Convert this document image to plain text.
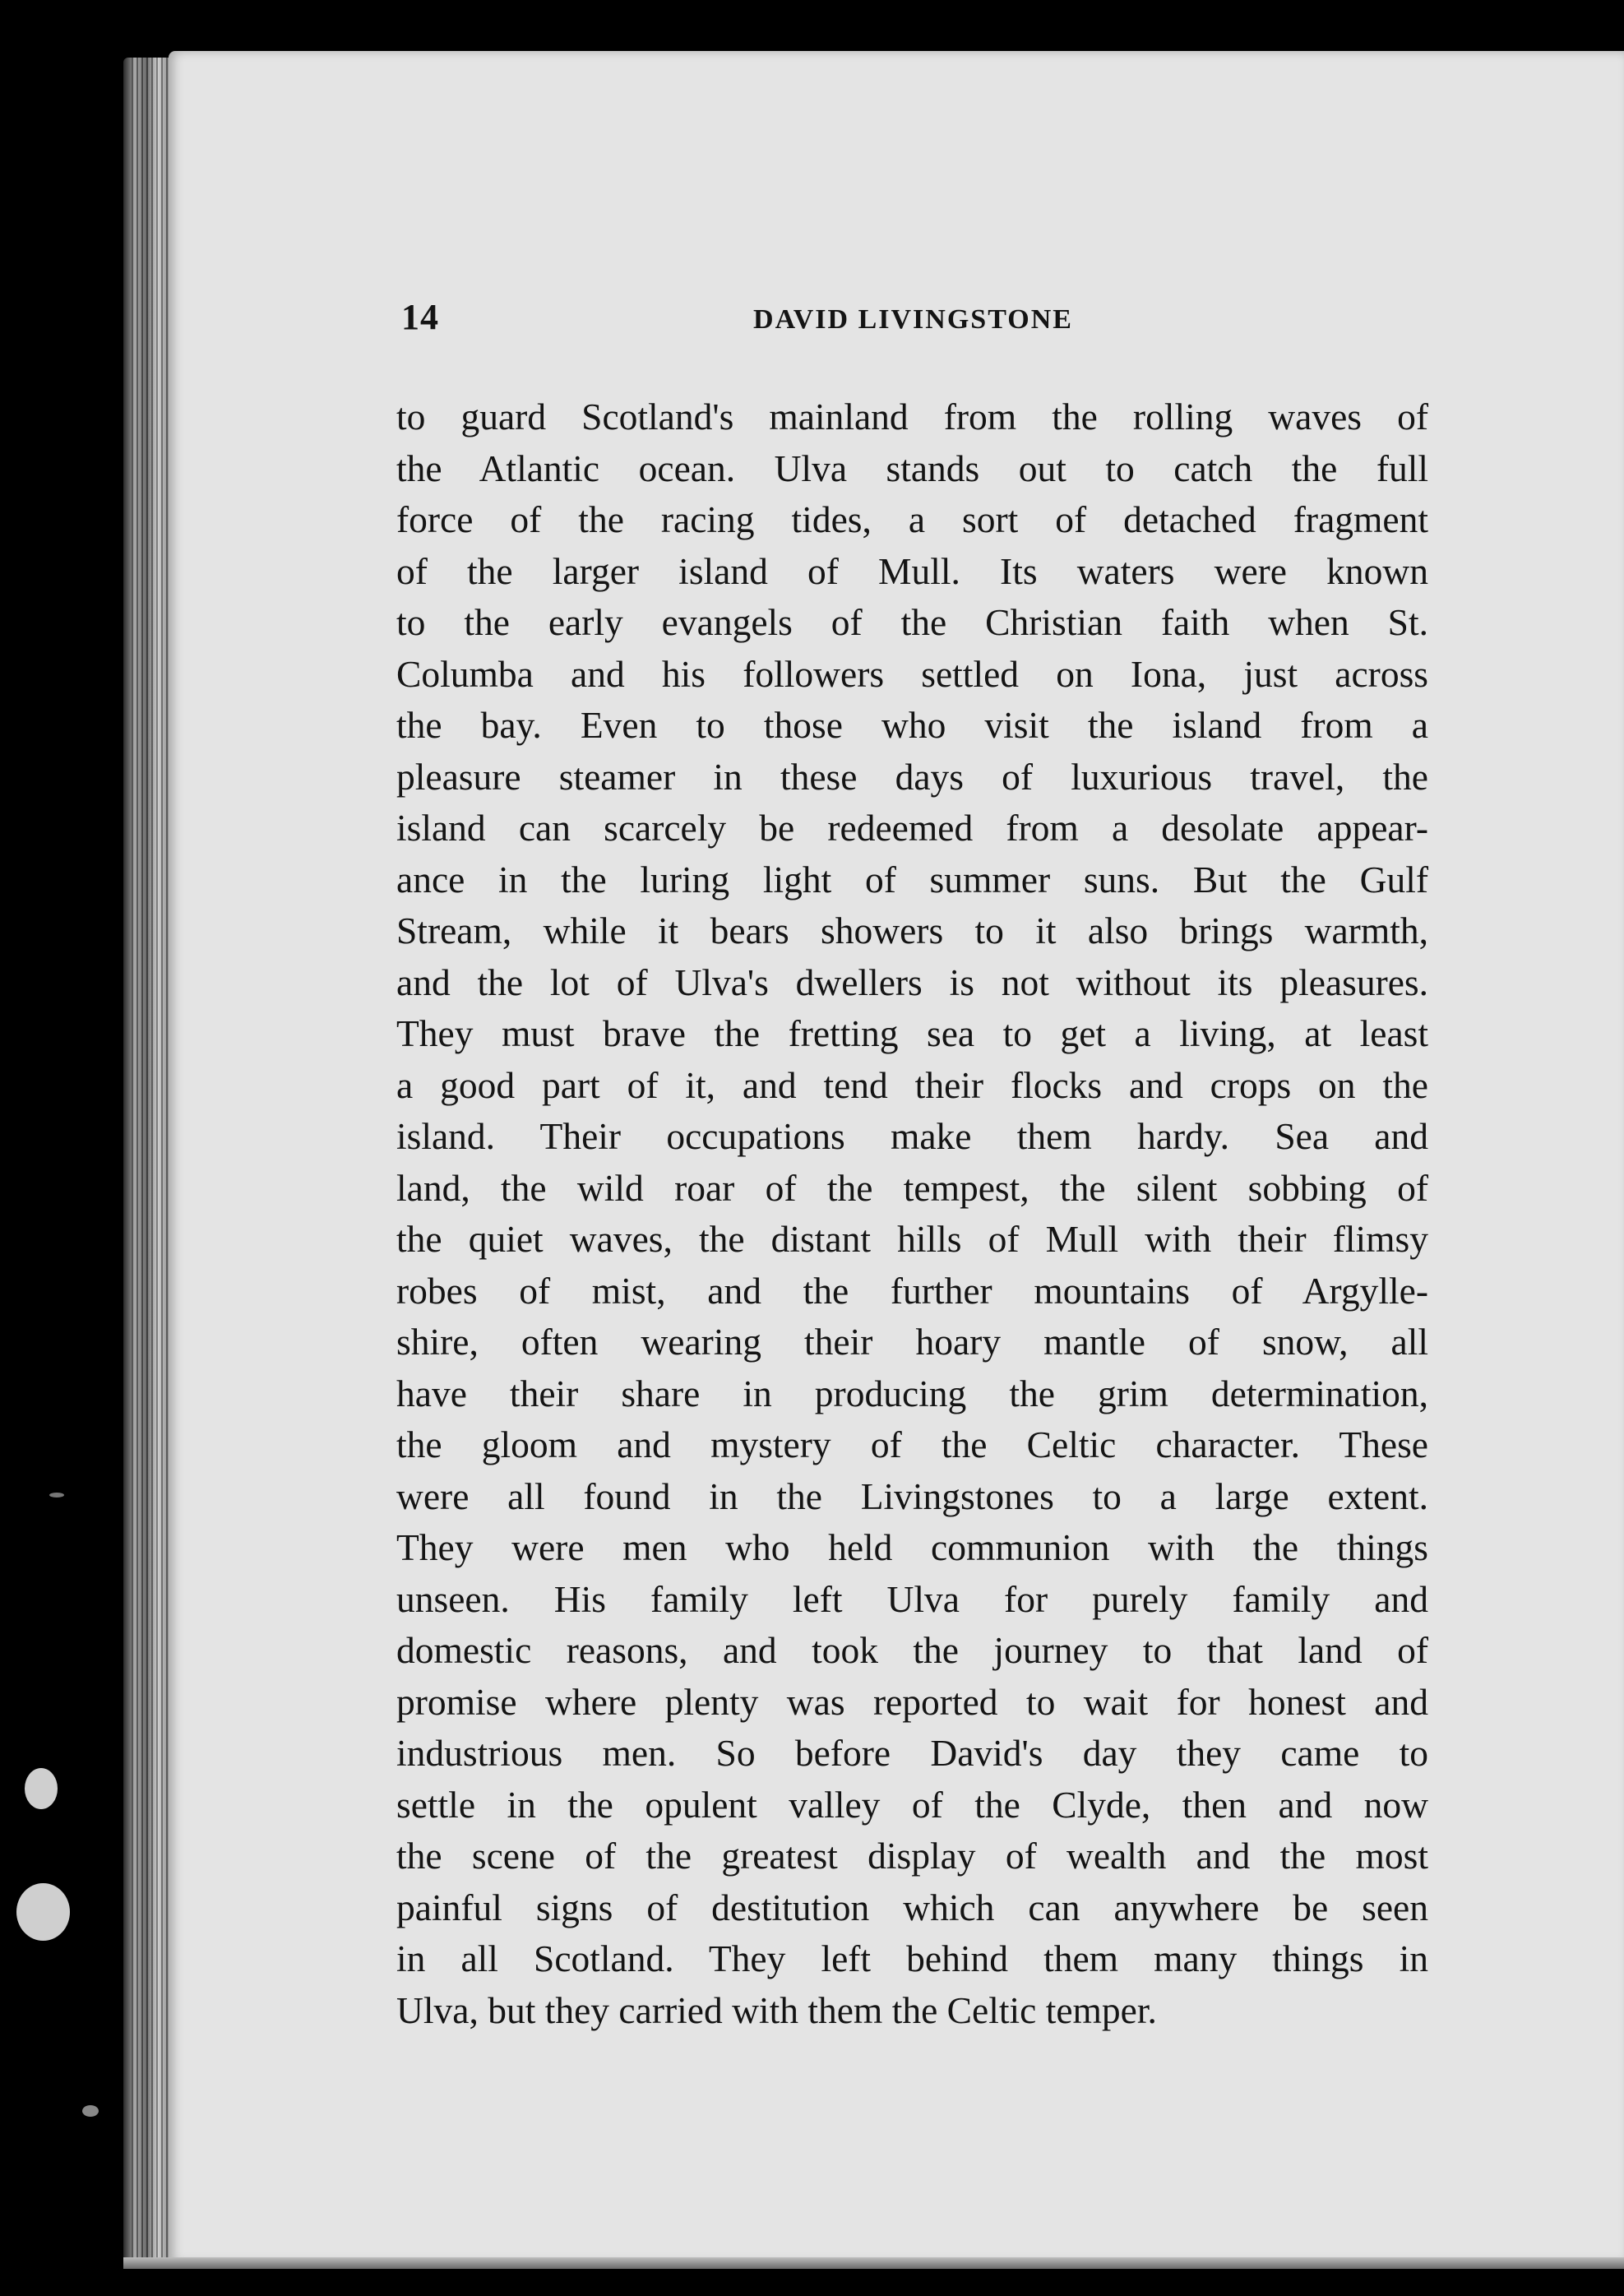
14	DAVID LIVINGSTONE
to guard Scotland's mainland from the rolling waves of
the Atlantic ocean. Ulva stands out to catch the full
force of the racing tides, a sort of detached fragment
of the larger island of Mull. Its waters were known
to the early evangels of the Christian faith when St.
Columba and his followers settled on Iona, just across
the bay. Even to those who visit the island from a
pleasure steamer in these days of luxurious travel, the
island can scarcely be redeemed from a desolate appear-
ance in the luring light of summer suns. But the Gulf
Stream, while it bears showers to it also brings warmth,
and the lot of Ulva's dwellers is not without its pleasures.
They must brave the fretting sea to get a living, at least
a good part of it, and tend their flocks and crops on the
island. Their occupations make them hardy. Sea and
land, the wild roar of the tempest, the silent sobbing of
the quiet waves, the distant hills of Mull with their flimsy
robes of mist, and the further mountains of Argylle-
shire, often wearing their hoary mantle of snow, all
have their share in producing the grim determination,
the gloom and mystery of the Celtic character. These
were all found in the Livingstones to a large extent.
They were men who held communion with the things
unseen. His family left Ulva for purely family and
domestic reasons, and took the journey to that land of
promise where plenty was reported to wait for honest and
industrious men. So before David's day they came to
settle in the opulent valley of the Clyde, then and now
the scene of the greatest display of wealth and the most
painful signs of destitution which can anywhere be seen
in all Scotland. They left behind them many things in
Ulva, but they carried with them the Celtic temper.
